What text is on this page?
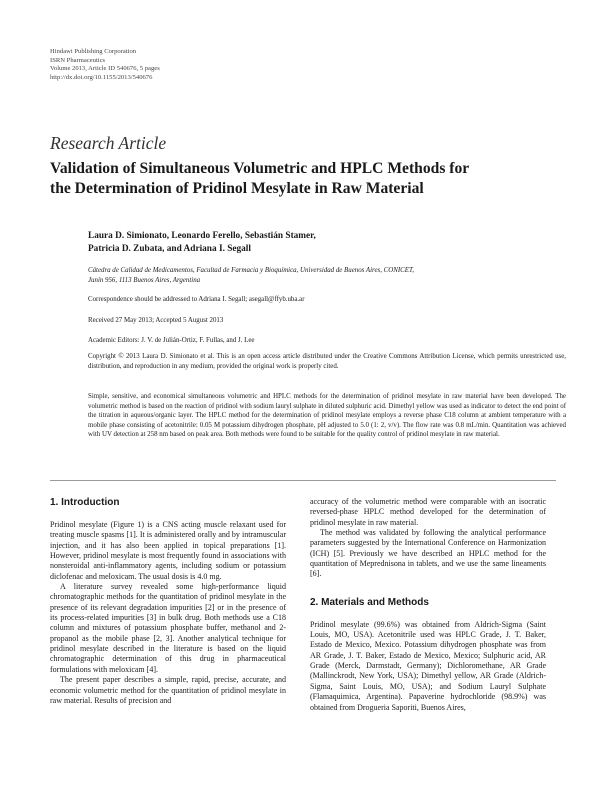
Hindawi Publishing Corporation
ISRN Pharmaceutics
Volume 2013, Article ID 540676, 5 pages
http://dx.doi.org/10.1155/2013/540676
Research Article
Validation of Simultaneous Volumetric and HPLC Methods for
the Determination of Pridinol Mesylate in Raw Material
Laura D. Simionato, Leonardo Ferello, Sebastián Stamer,
Patricia D. Zubata, and Adriana I. Segall
Cátedra de Calidad de Medicamentos, Facultad de Farmacia y Bioquímica, Universidad de Buenos Aires, CONICET,
Junín 956, 1113 Buenos Aires, Argentina
Correspondence should be addressed to Adriana I. Segall; asegall@ffyb.uba.ar
Received 27 May 2013; Accepted 5 August 2013
Academic Editors: J. V. de Julián-Ortiz, F. Fullas, and J. Lee
Copyright © 2013 Laura D. Simionato et al. This is an open access article distributed under the Creative Commons Attribution License, which permits unrestricted use, distribution, and reproduction in any medium, provided the original work is properly cited.
Simple, sensitive, and economical simultaneous volumetric and HPLC methods for the determination of pridinol mesylate in raw material have been developed. The volumetric method is based on the reaction of pridinol with sodium lauryl sulphate in diluted sulphuric acid. Dimethyl yellow was used as indicator to detect the end point of the titration in aqueous/organic layer. The HPLC method for the determination of pridinol mesylate employs a reverse phase C18 column at ambient temperature with a mobile phase consisting of acetonitrile: 0.05 M potassium dihydrogen phosphate, pH adjusted to 5.0 (1: 2, v/v). The flow rate was 0.8 mL/min. Quantitation was achieved with UV detection at 258 nm based on peak area. Both methods were found to be suitable for the quality control of pridinol mesylate in raw material.
1. Introduction

Pridinol mesylate (Figure 1) is a CNS acting muscle relaxant used for treating muscle spasms [1]. It is administered orally and by intramuscular injection, and it has also been applied in topical preparations [1]. However, pridinol mesylate is most frequently found in associations with nonsteroidal anti-inflammatory agents, including sodium or potassium diclofenac and meloxicam. The usual dosis is 4.0 mg.

A literature survey revealed some high-performance liquid chromatographic methods for the quantitation of pridinol mesylate in the presence of its relevant degradation impurities [2] or in the presence of its process-related impurities [3] in bulk drug. Both methods use a C18 column and mixtures of potassium phosphate buffer, methanol and 2-propanol as the mobile phase [2, 3]. Another analytical technique for pridinol mesylate described in the literature is based on the liquid chromatographic determination of this drug in pharmaceutical formulations with meloxicam [4].

The present paper describes a simple, rapid, precise, accurate, and economic volumetric method for the quantitation of pridinol mesylate in raw material. Results of precision and

accuracy of the volumetric method were comparable with an isocratic reversed-phase HPLC method developed for the determination of pridinol mesylate in raw material.

The method was validated by following the analytical performance parameters suggested by the International Conference on Harmonization (ICH) [5]. Previously we have described an HPLC method for the quantitation of Meprednisona in tablets, and we use the same lineaments [6].

2. Materials and Methods

Pridinol mesylate (99.6%) was obtained from Aldrich-Sigma (Saint Louis, MO, USA). Acetonitrile used was HPLC Grade, J. T. Baker, Estado de Mexico, Mexico. Potassium dihydrogen phosphate was from AR Grade, J. T. Baker, Estado de Mexico, Mexico; Sulphuric acid, AR Grade (Merck, Darmstadt, Germany); Dichloromethane, AR Grade (Mallinckrodt, New York, USA); Dimethyl yellow, AR Grade (Aldrich-Sigma, Saint Louis, MO, USA); and Sodium Lauryl Sulphate (Flamaquimica, Argentina). Papaverine hydrochloride (98.9%) was obtained from Drogueria Saporiti, Buenos Aires,
